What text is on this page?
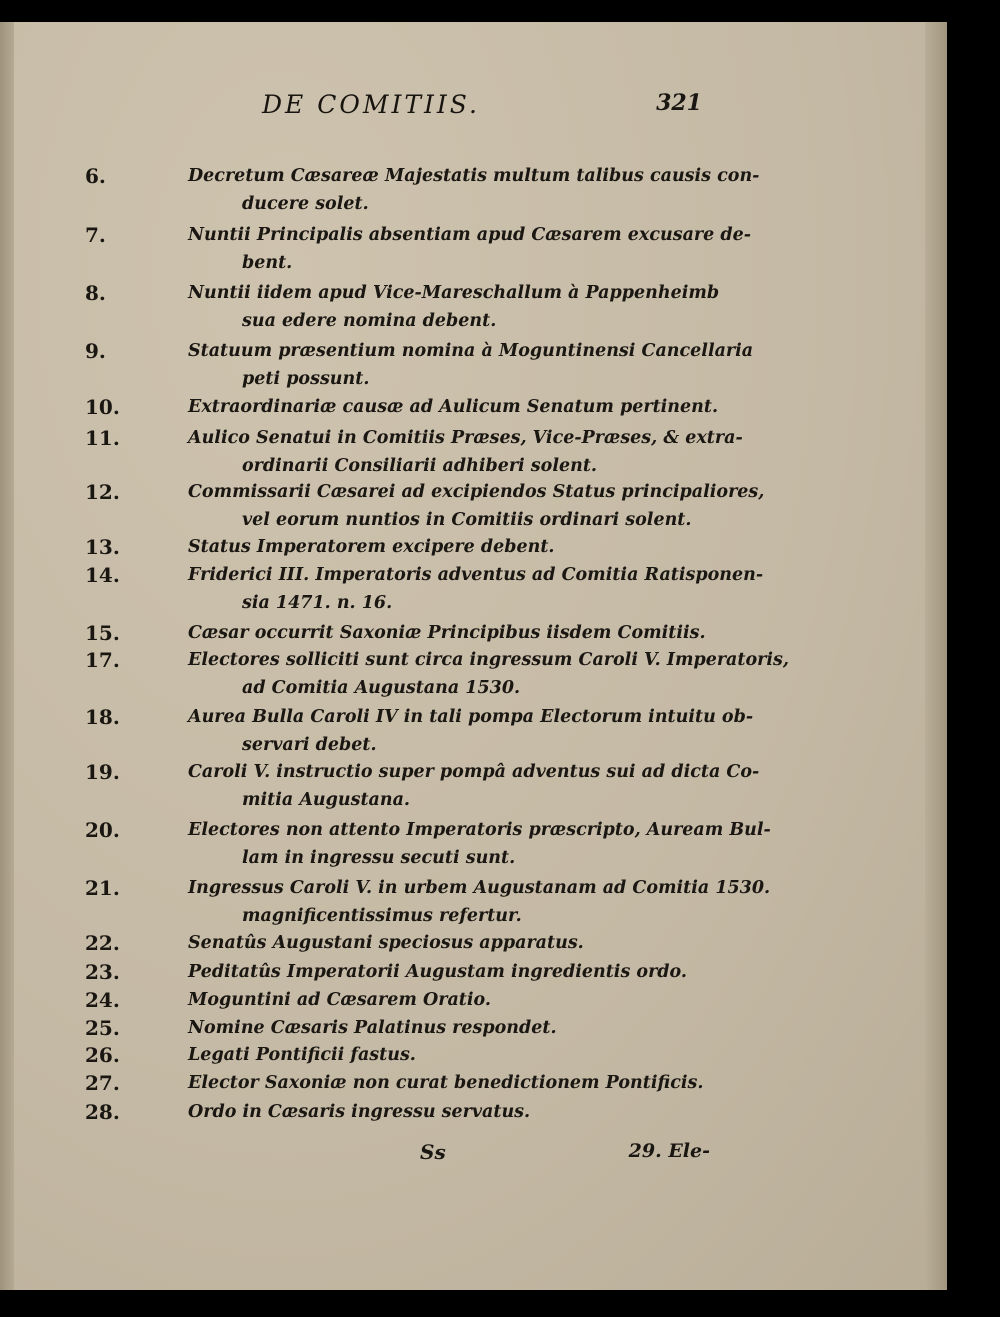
DE COMITIIS.	321
6.	Decretum Cæsareæ Majestatis multum talibus causis con-
ducere solet.
7.	Nuntii Principalis absentiam apud Cæsarem excusare de-
bent.
8.	Nuntii iidem apud Vice-Mareschallum à Pappenheimb
sua edere nomina debent.
9.	Statuum præsentium nomina à Moguntinensi Cancellaria
peti possunt.
10.	Extraordinariæ causæ ad Aulicum Senatum pertinent.
11.	Aulico Senatui in Comitiis Præses, Vice-Præses, & extra-
ordinarii Consiliarii adhiberi solent.
12.	Commissarii Cæsarei ad excipiendos Status principaliores,
vel eorum nuntios in Comitiis ordinari solent.
13.	Status Imperatorem excipere debent.
14.	Friderici III. Imperatoris adventus ad Comitia Ratisponen-
sia 1471. n. 16.
15.	Cæsar occurrit Saxoniæ Principibus iisdem Comitiis.
17.	Electores solliciti sunt circa ingressum Caroli V. Imperatoris,
ad Comitia Augustana 1530.
18.	Aurea Bulla Caroli IV in tali pompa Electorum intuitu ob-
servari debet.
19.	Caroli V. instructio super pompâ adventus sui ad dicta Co-
mitia Augustana.
20.	Electores non attento Imperatoris præscripto, Auream Bul-
lam in ingressu secuti sunt.
21.	Ingressus Caroli V. in urbem Augustanam ad Comitia 1530.
magnificentissimus refertur.
22.	Senatûs Augustani speciosus apparatus.
23.	Peditatûs Imperatorii Augustam ingredientis ordo.
24.	Moguntini ad Cæsarem Oratio.
25.	Nomine Cæsaris Palatinus respondet.
26.	Legati Pontificii fastus.
27.	Elector Saxoniæ non curat benedictionem Pontificis.
28.	Ordo in Cæsaris ingressu servatus.
Ss	29. Ele-
